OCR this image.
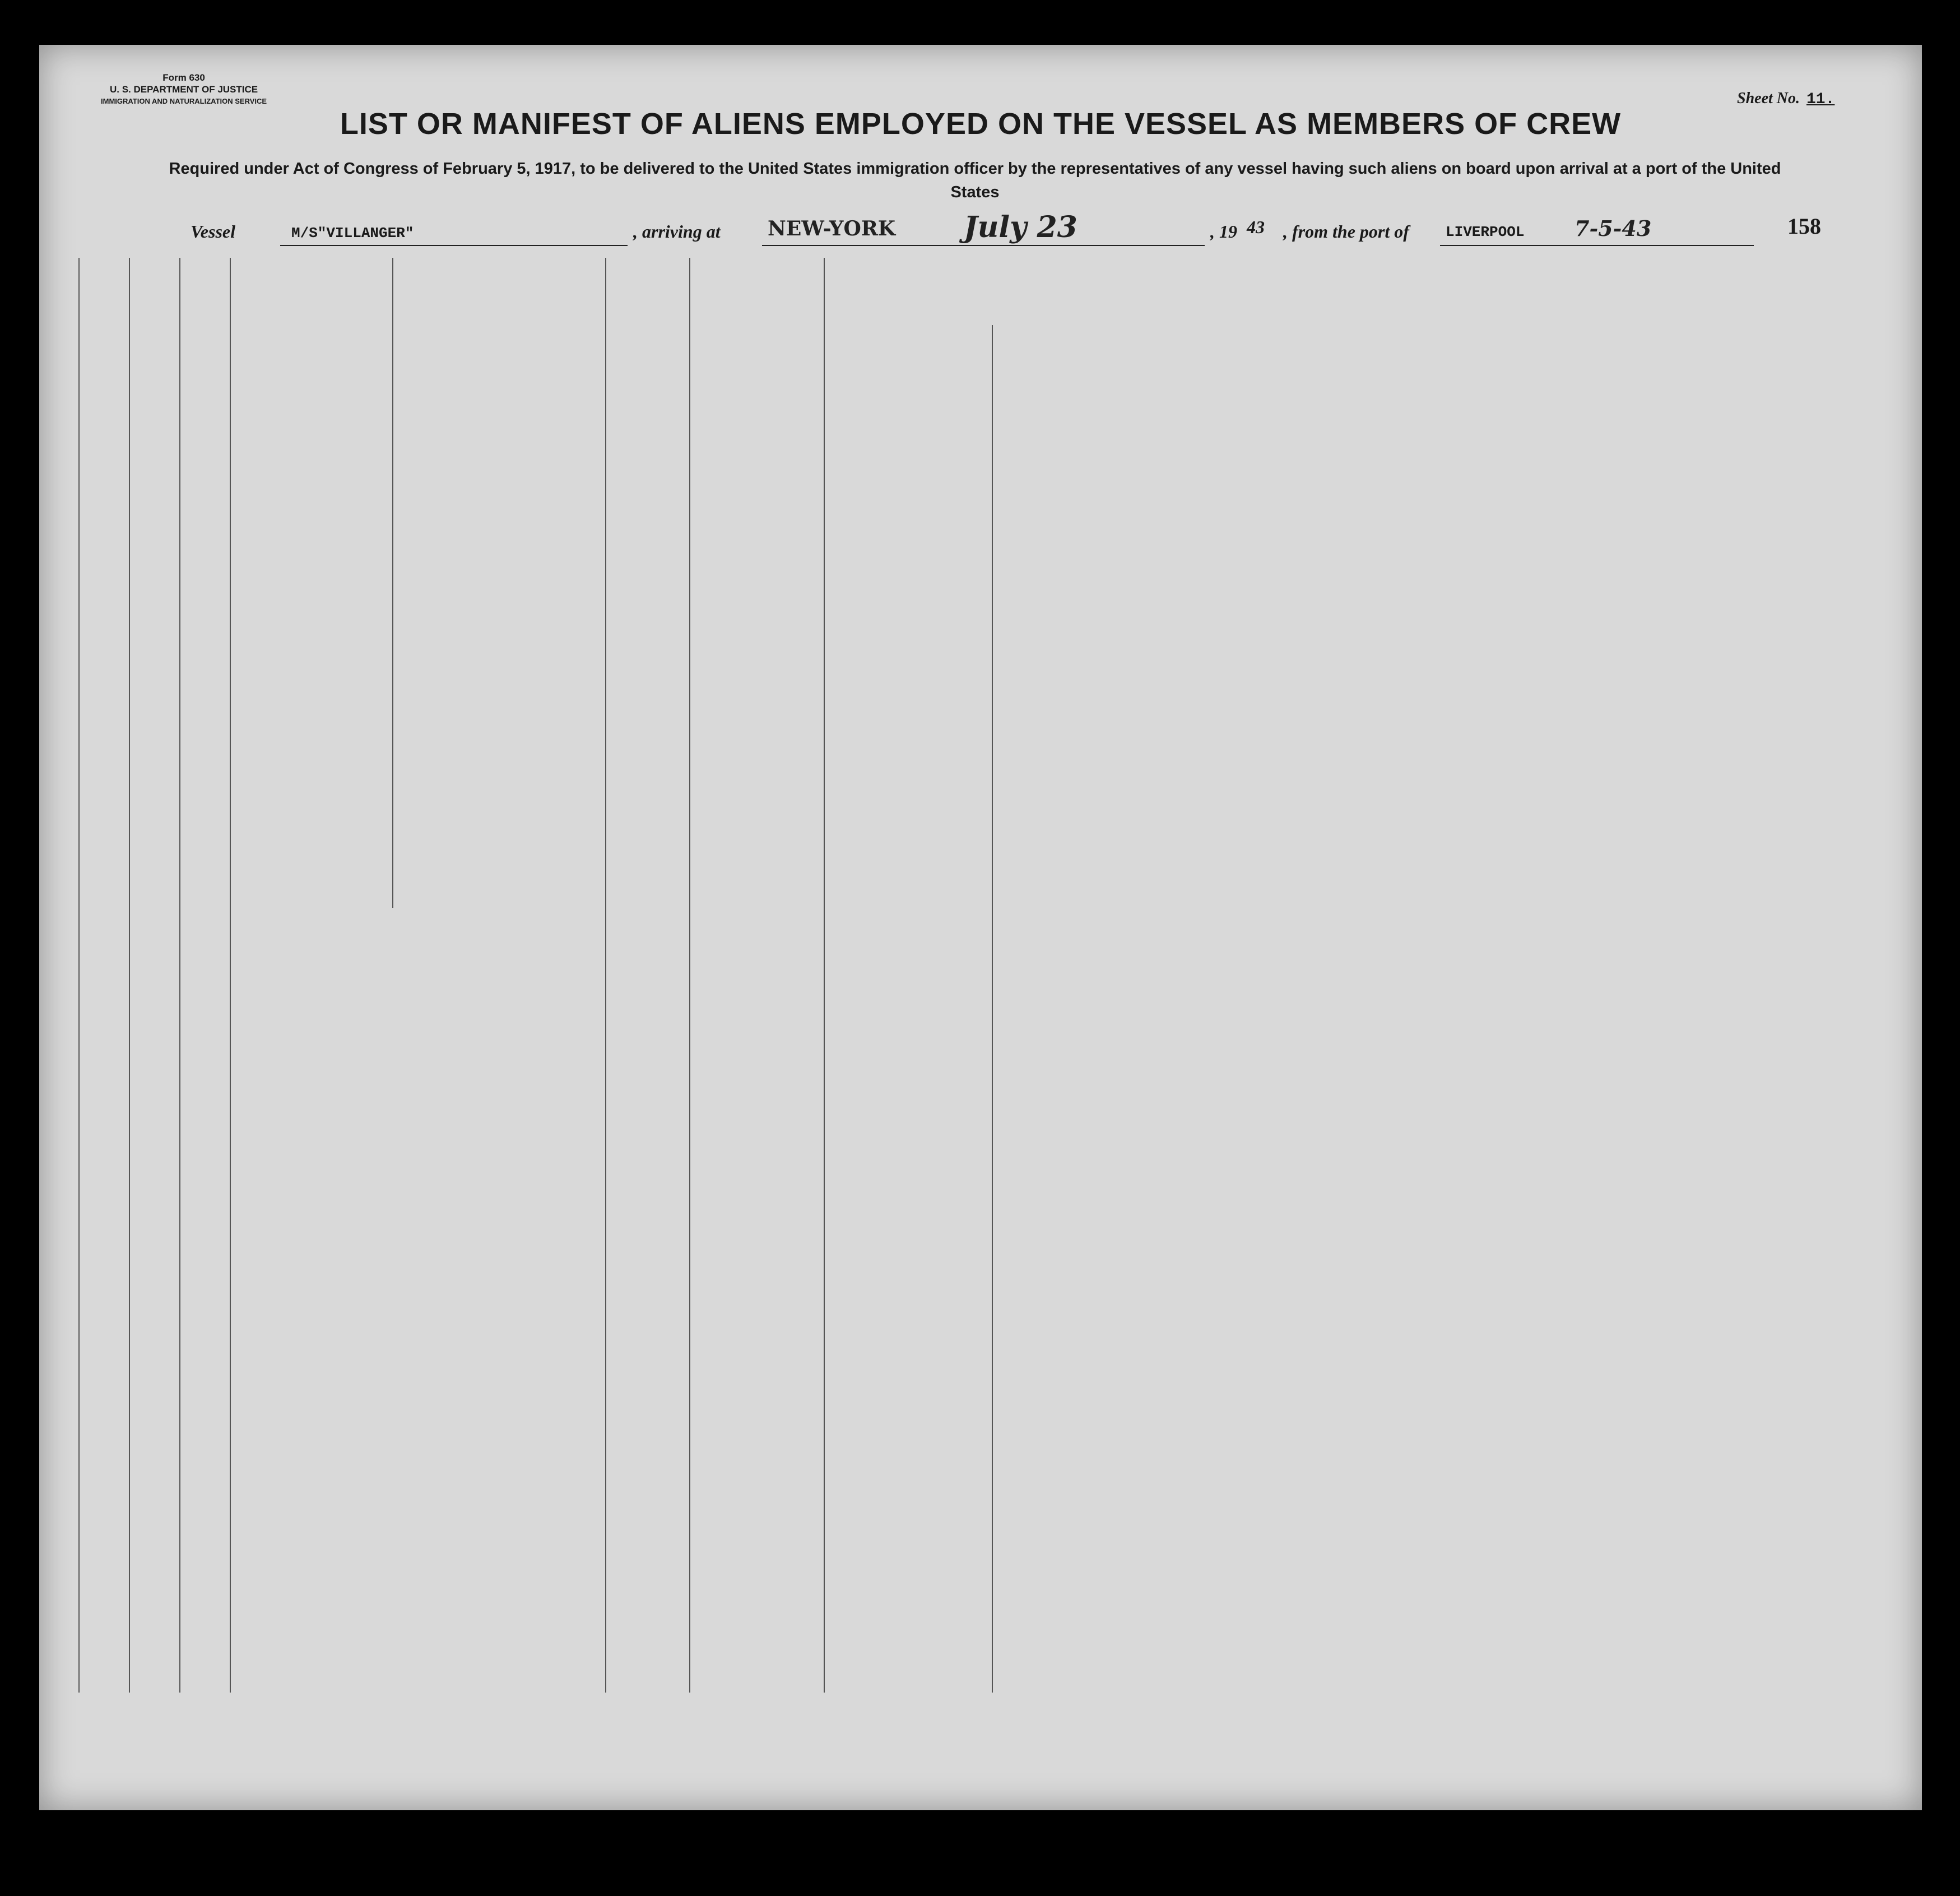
Form 630
U. S. DEPARTMENT OF JUSTICE
IMMIGRATION AND NATURALIZATION SERVICE	Sheet No. 11.
LIST OR MANIFEST OF ALIENS EMPLOYED ON THE VESSEL AS MEMBERS OF CREW
Required under Act of Congress of February 5, 1917, to be delivered to the United States immigration officer by the representatives of any vessel having such aliens on board upon arrival at a port of the United States
158
Vessel	M/S"VILLANGER"	, arriving at NEW-YORK July 23	, 19 43 , from the port of	LIVERPOOL 7-5-43
